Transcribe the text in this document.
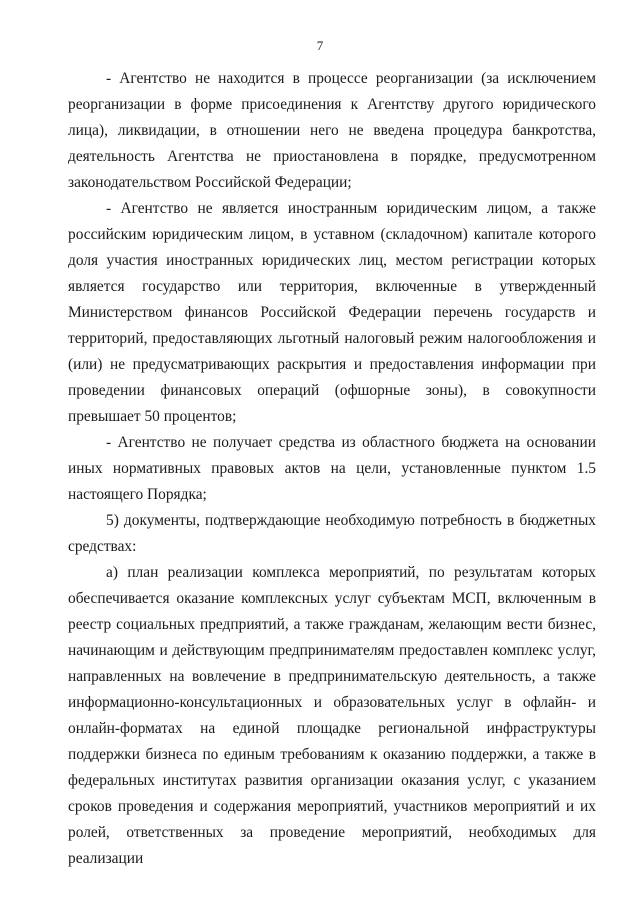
7

- Агентство не находится в процессе реорганизации (за исключением реорганизации в форме присоединения к Агентству другого юридического лица), ликвидации, в отношении него не введена процедура банкротства, деятельность Агентства не приостановлена в порядке, предусмотренном законодательством Российской Федерации;

- Агентство не является иностранным юридическим лицом, а также российским юридическим лицом, в уставном (складочном) капитале которого доля участия иностранных юридических лиц, местом регистрации которых является государство или территория, включенные в утвержденный Министерством финансов Российской Федерации перечень государств и территорий, предоставляющих льготный налоговый режим налогообложения и (или) не предусматривающих раскрытия и предоставления информации при проведении финансовых операций (офшорные зоны), в совокупности превышает 50 процентов;

- Агентство не получает средства из областного бюджета на основании иных нормативных правовых актов на цели, установленные пунктом 1.5 настоящего Порядка;

5) документы, подтверждающие необходимую потребность в бюджетных средствах:

а) план реализации комплекса мероприятий, по результатам которых обеспечивается оказание комплексных услуг субъектам МСП, включенным в реестр социальных предприятий, а также гражданам, желающим вести бизнес, начинающим и действующим предпринимателям предоставлен комплекс услуг, направленных на вовлечение в предпринимательскую деятельность, а также информационно-консультационных и образовательных услуг в офлайн- и онлайн-форматах на единой площадке региональной инфраструктуры поддержки бизнеса по единым требованиям к оказанию поддержки, а также в федеральных институтах развития организации оказания услуг, с указанием сроков проведения и содержания мероприятий, участников мероприятий и их ролей, ответственных за проведение мероприятий, необходимых для реализации
